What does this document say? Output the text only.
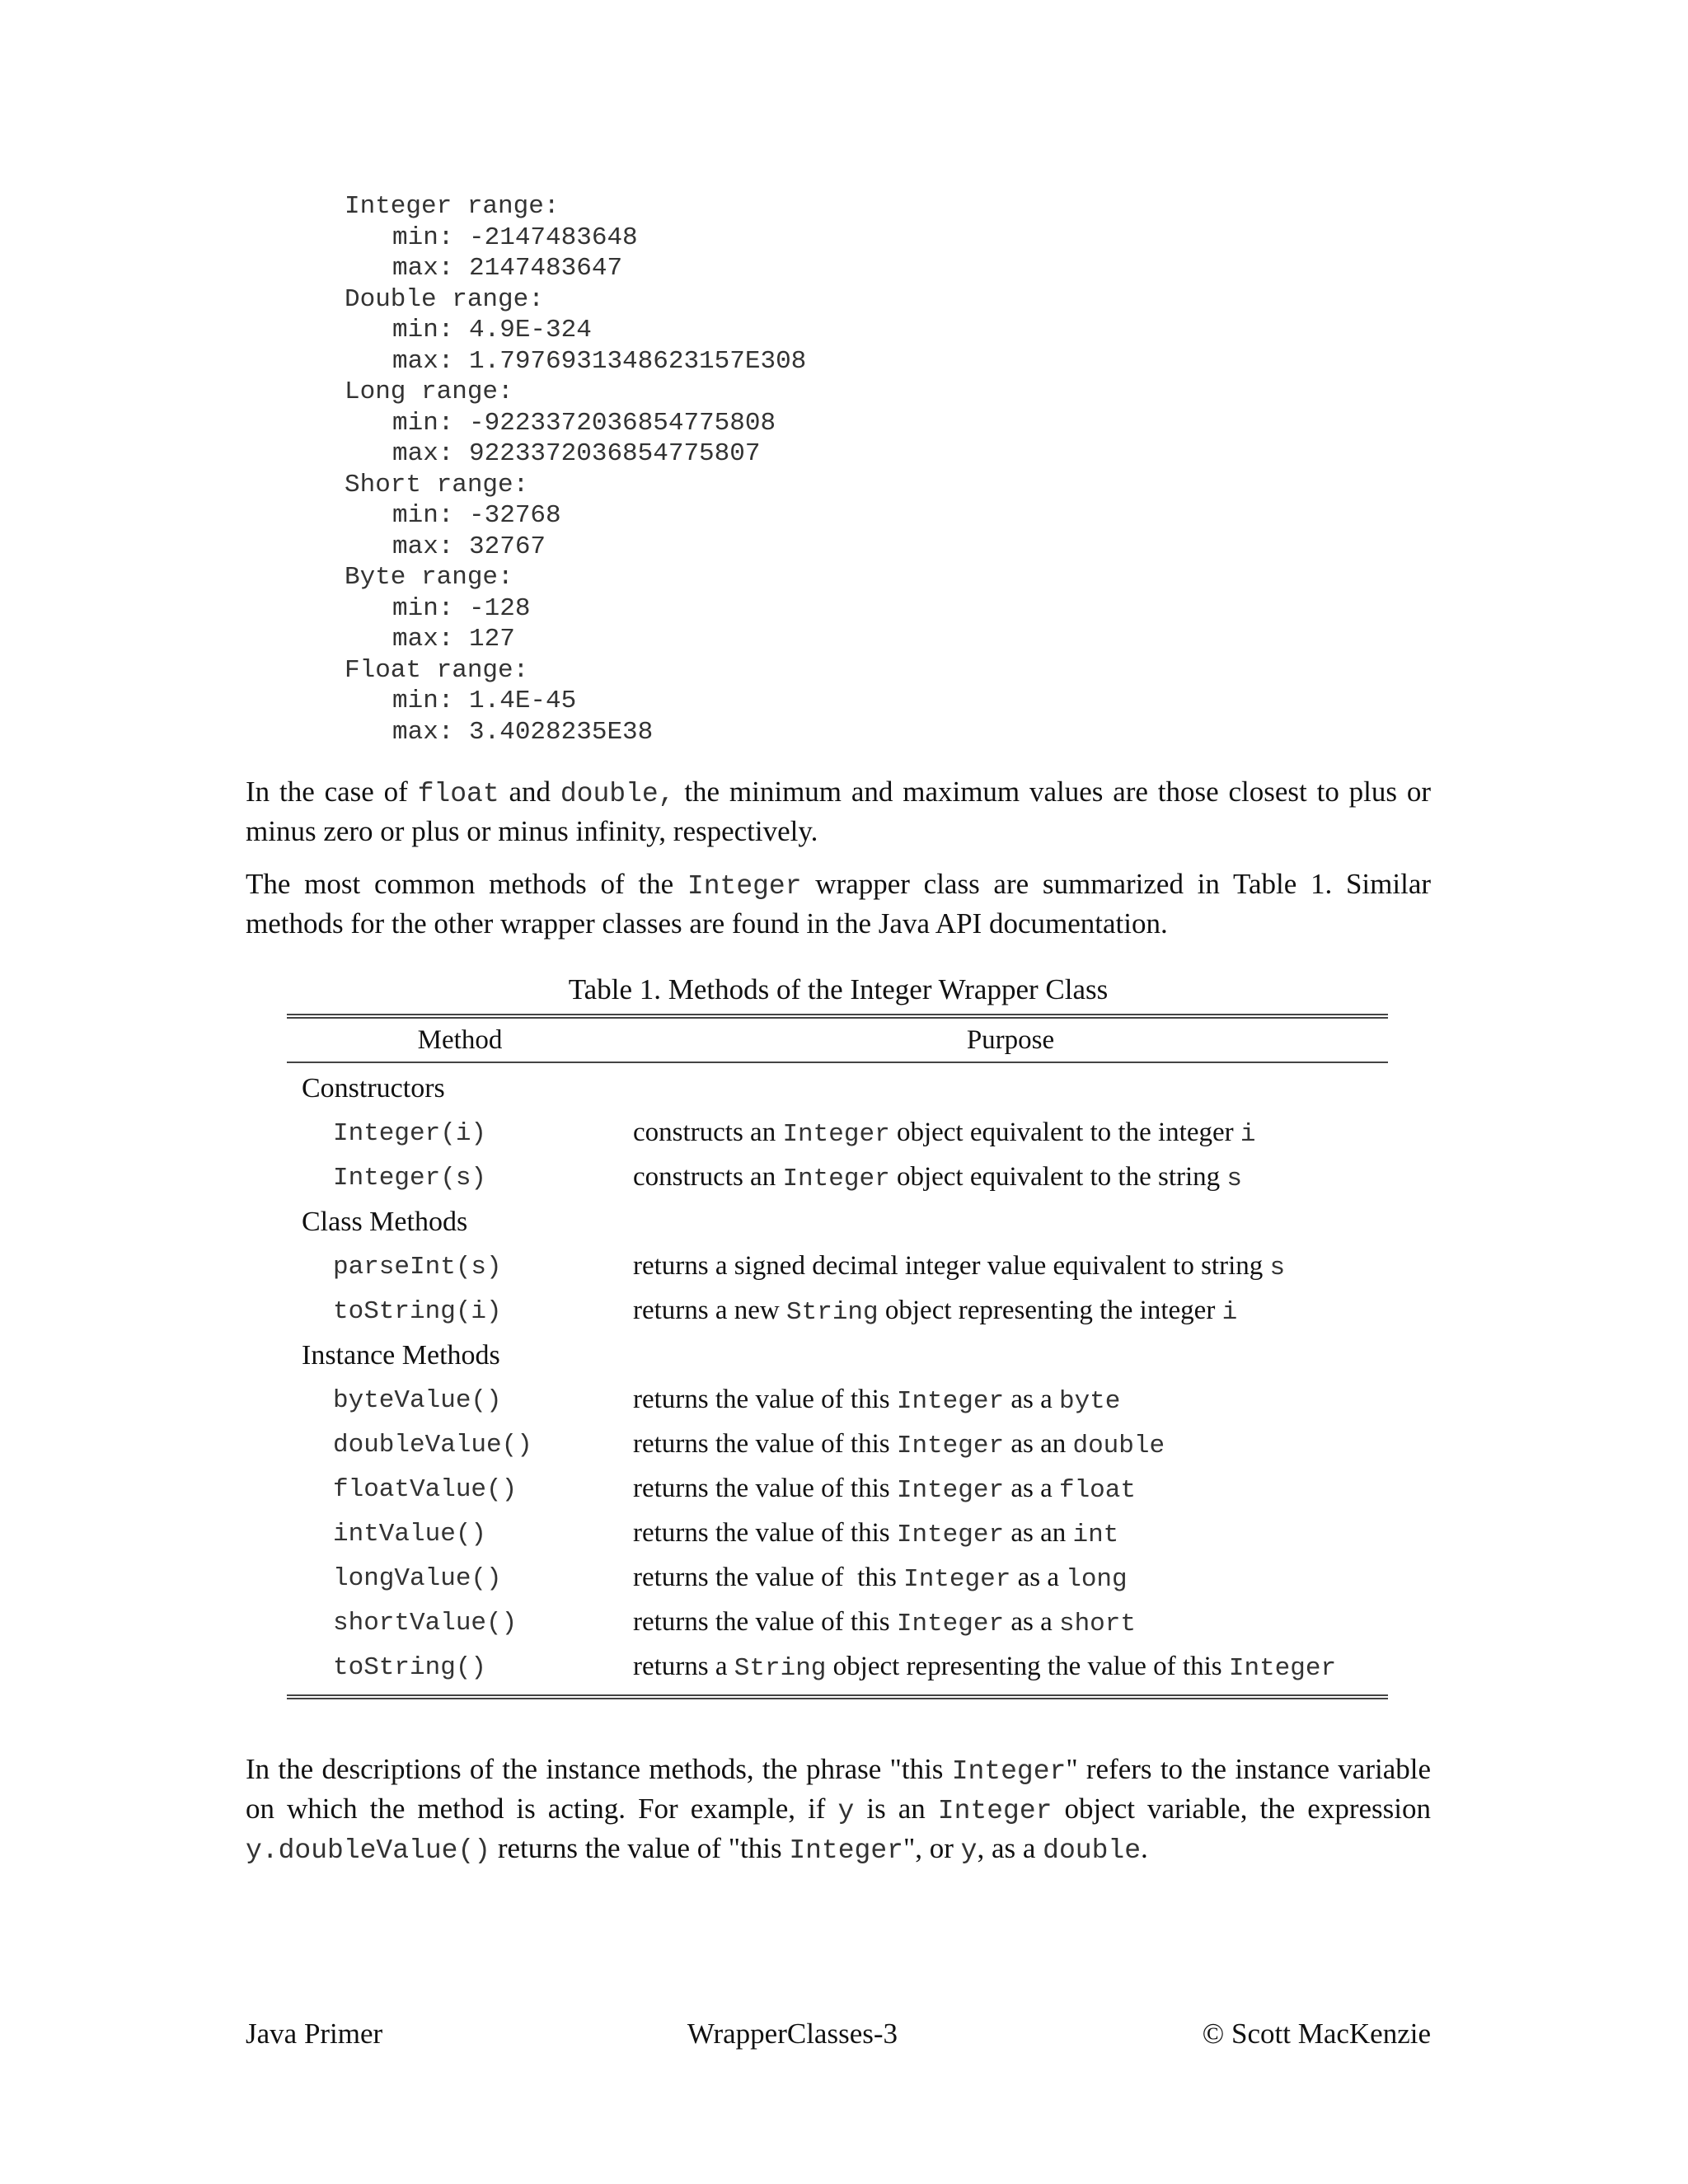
Integer range:
min: -2147483648
max: 2147483647
Double range:
min: 4.9E-324
max: 1.7976931348623157E308
Long range:
min: -9223372036854775808
max: 9223372036854775807
Short range:
min: -32768
max: 32767
Byte range:
min: -128
max: 127
Float range:
min: 1.4E-45
max: 3.4028235E38

In the case of float and double, the minimum and maximum values are those closest to plus or minus zero or plus or minus infinity, respectively.

The most common methods of the Integer wrapper class are summarized in Table 1. Similar methods for the other wrapper classes are found in the Java API documentation.

Table 1. Methods of the Integer Wrapper Class
Method	Purpose
Constructors
Integer(i)	constructs an Integer object equivalent to the integer i
Integer(s)	constructs an Integer object equivalent to the string s
Class Methods
parseInt(s)	returns a signed decimal integer value equivalent to string s
toString(i)	returns a new String object representing the integer i
Instance Methods
byteValue()	returns the value of this Integer as a byte
doubleValue()	returns the value of this Integer as an double
floatValue()	returns the value of this Integer as a float
intValue()	returns the value of this Integer as an int
longValue()	returns the value of  this Integer as a long
shortValue()	returns the value of this Integer as a short
toString()	returns a String object representing the value of this Integer

In the descriptions of the instance methods, the phrase "this Integer" refers to the instance variable on which the method is acting. For example, if y is an Integer object variable, the expression y.doubleValue() returns the value of "this Integer", or y, as a double.

Java Primer	WrapperClasses-3	© Scott MacKenzie
